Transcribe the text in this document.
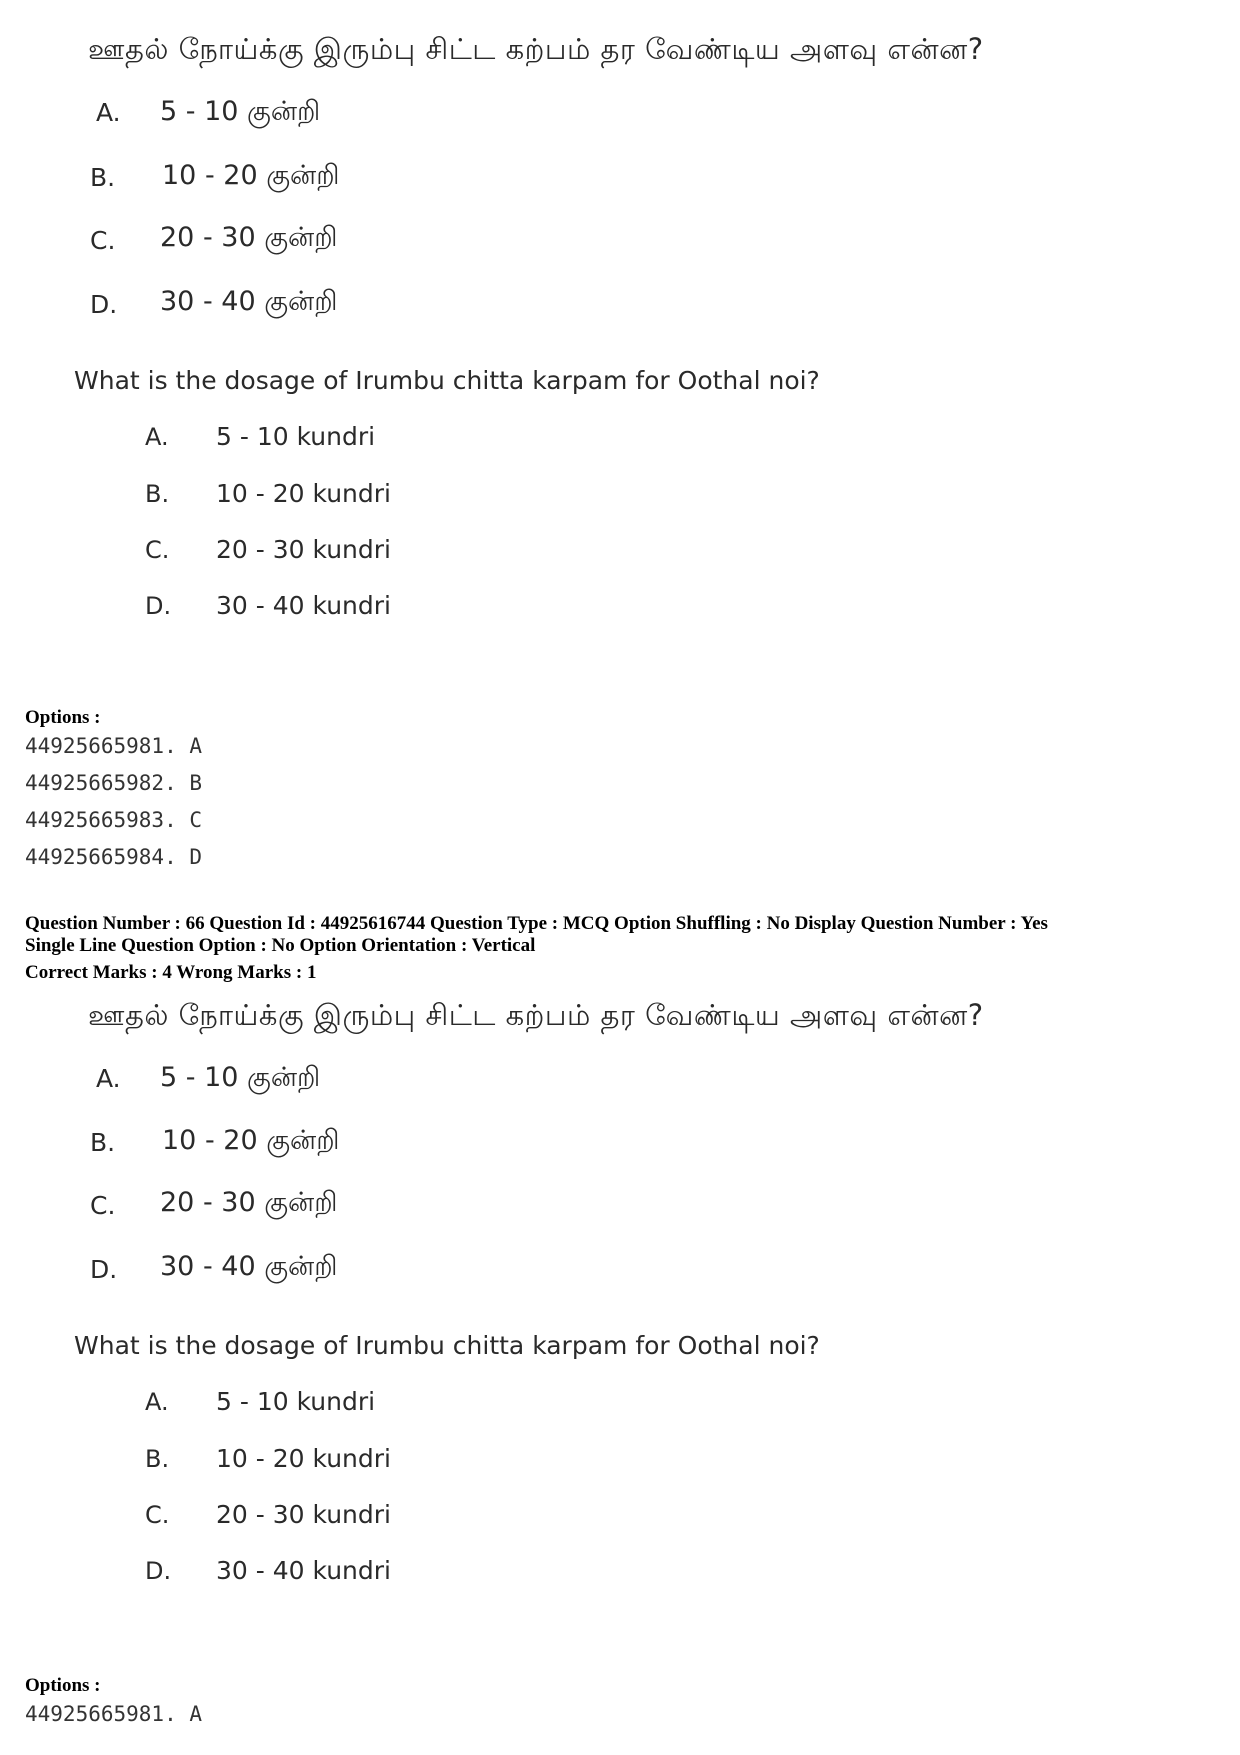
ஊதல் நோய்க்கு இரும்பு சிட்ட கற்பம் தர வேண்டிய அளவு என்ன?
A. 5 - 10 குன்றி
B. 10 - 20 குன்றி
C. 20 - 30 குன்றி
D. 30 - 40 குன்றி
What is the dosage of Irumbu chitta karpam for Oothal noi?
A. 5 - 10 kundri
B. 10 - 20 kundri
C. 20 - 30 kundri
D. 30 - 40 kundri
Options :
44925665981. A
44925665982. B
44925665983. C
44925665984. D
Question Number : 66 Question Id : 44925616744 Question Type : MCQ Option Shuffling : No Display Question Number : Yes
Single Line Question Option : No Option Orientation : Vertical
Correct Marks : 4 Wrong Marks : 1
ஊதல் நோய்க்கு இரும்பு சிட்ட கற்பம் தர வேண்டிய அளவு என்ன?
A. 5 - 10 குன்றி
B. 10 - 20 குன்றி
C. 20 - 30 குன்றி
D. 30 - 40 குன்றி
What is the dosage of Irumbu chitta karpam for Oothal noi?
A. 5 - 10 kundri
B. 10 - 20 kundri
C. 20 - 30 kundri
D. 30 - 40 kundri
Options :
44925665981. A
